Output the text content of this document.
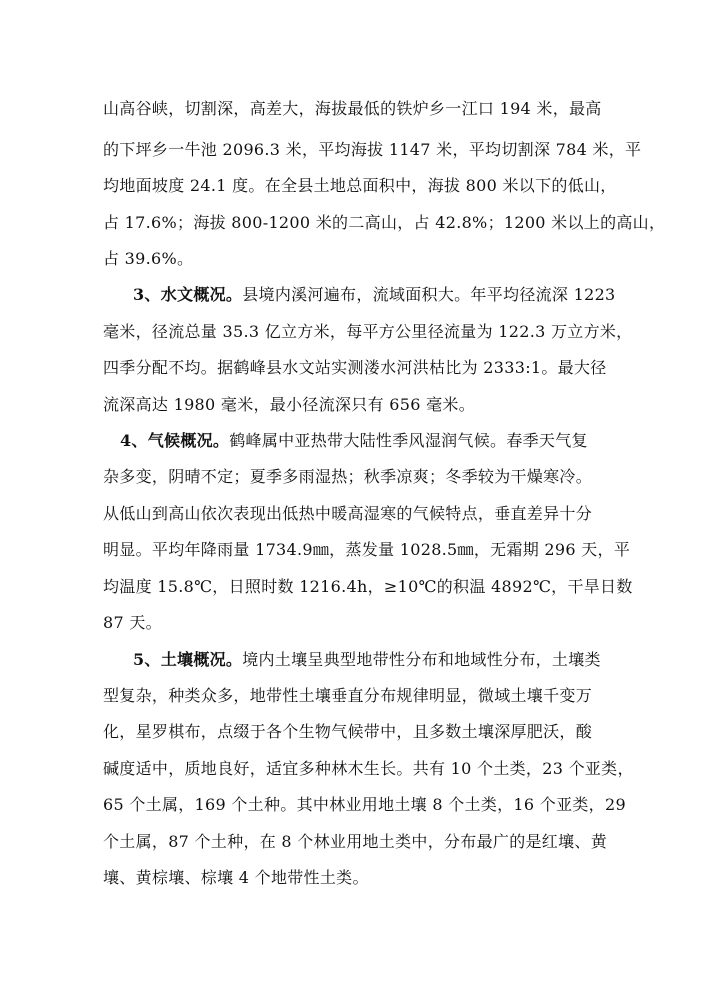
山高谷峡，切割深，高差大，海拔最低的铁炉乡一江口 194 米，最高
的下坪乡一牛池 2096.3 米，平均海拔 1147 米，平均切割深 784 米，平
均地面坡度 24.1 度。在全县土地总面积中，海拔 800 米以下的低山，
占 17.6%；海拔 800-1200 米的二高山，占 42.8%；1200 米以上的高山，
占 39.6%。
3、水文概况。县境内溪河遍布，流域面积大。年平均径流深 1223
毫米，径流总量 35.3 亿立方米，每平方公里径流量为 122.3 万立方米，
四季分配不均。据鹤峰县水文站实测溇水河洪枯比为 2333:1。最大径
流深高达 1980 毫米，最小径流深只有 656 毫米。
4、气候概况。鹤峰属中亚热带大陆性季风湿润气候。春季天气复
杂多变，阴晴不定；夏季多雨湿热；秋季凉爽；冬季较为干燥寒冷。
从低山到高山依次表现出低热中暖高湿寒的气候特点，垂直差异十分
明显。平均年降雨量 1734.9㎜，蒸发量 1028.5㎜，无霜期 296 天，平
均温度 15.8℃，日照时数 1216.4h，≥10℃的积温 4892℃，干旱日数
87 天。
5、土壤概况。境内土壤呈典型地带性分布和地域性分布，土壤类
型复杂，种类众多，地带性土壤垂直分布规律明显，微域土壤千变万
化，星罗棋布，点缀于各个生物气候带中，且多数土壤深厚肥沃，酸
碱度适中，质地良好，适宜多种林木生长。共有 10 个土类，23 个亚类，
65 个土属，169 个土种。其中林业用地土壤 8 个土类，16 个亚类，29
个土属，87 个土种，在 8 个林业用地土类中，分布最广的是红壤、黄
壤、黄棕壤、棕壤 4 个地带性土类。
